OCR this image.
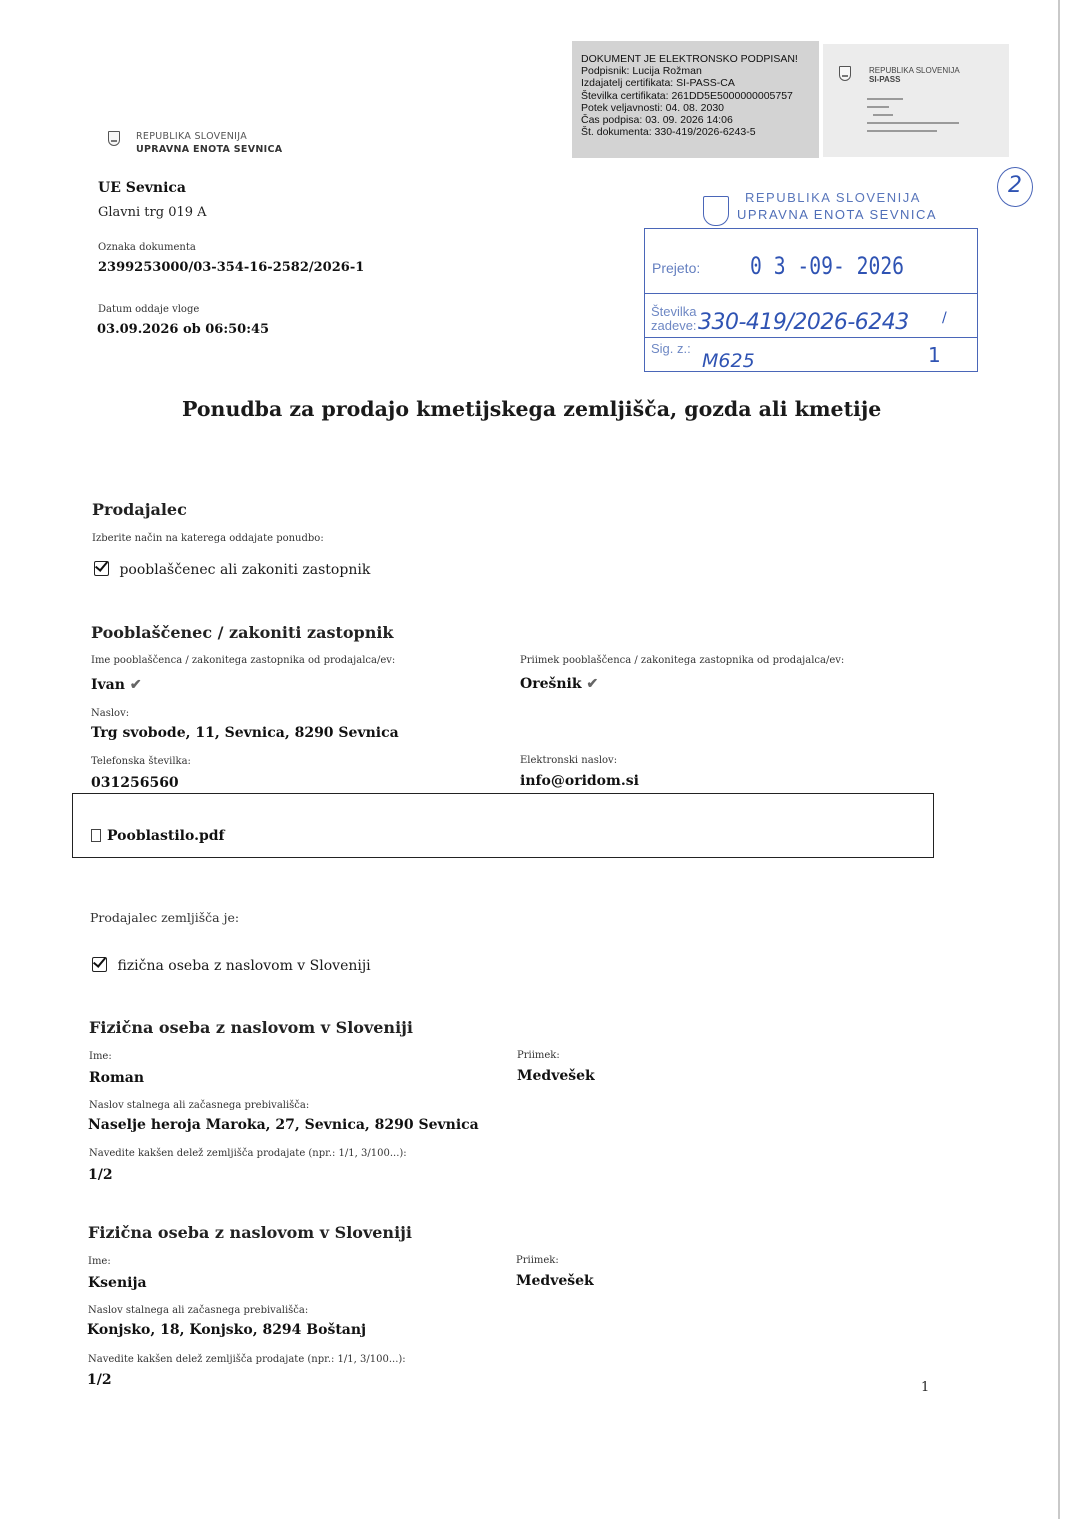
DOKUMENT JE ELEKTRONSKO PODPISAN!
Podpisnik: Lucija Rožman
Izdajatelj certifikata: SI-PASS-CA
Številka certifikata: 261DD5E5000000005757
Potek veljavnosti: 04. 08. 2030
Čas podpisa: 03. 09. 2026 14:06
Št. dokumenta: 330-419/2026-6243-5
REPUBLIKA SLOVENIJA
SI-PASS
REPUBLIKA SLOVENIJA
UPRAVNA ENOTA SEVNICA
UE Sevnica
Glavni trg 019 A
Oznaka dokumenta
2399253000/03-354-16-2582/2026-1
Datum oddaje vloge
03.09.2026 ob 06:50:45
2
REPUBLIKA SLOVENIJA
UPRAVNA ENOTA SEVNICA
Prejeto: 0 3 -09- 2026
Številka
zadeve: 330-419/2026-6243 /
Sig. z.:
M625	1
Ponudba za prodajo kmetijskega zemljišča, gozda ali kmetije
Prodajalec
Izberite način na katerega oddajate ponudbo:
pooblaščenec ali zakoniti zastopnik
Pooblaščenec / zakoniti zastopnik
Ime pooblaščenca / zakonitega zastopnika od prodajalca/ev:
Ivan ✔
Priimek pooblaščenca / zakonitega zastopnika od prodajalca/ev:
Orešnik ✔
Naslov:
Trg svobode, 11, Sevnica, 8290 Sevnica
Telefonska številka:
031256560
Elektronski naslov:
info@oridom.si
Pooblastilo.pdf
Prodajalec zemljišča je:
fizična oseba z naslovom v Sloveniji
Fizična oseba z naslovom v Sloveniji
Ime:
Roman
Priimek:
Medvešek
Naslov stalnega ali začasnega prebivališča:
Naselje heroja Maroka, 27, Sevnica, 8290 Sevnica
Navedite kakšen delež zemljišča prodajate (npr.: 1/1, 3/100...):
1/2
Fizična oseba z naslovom v Sloveniji
Ime:
Ksenija
Priimek:
Medvešek
Naslov stalnega ali začasnega prebivališča:
Konjsko, 18, Konjsko, 8294 Boštanj
Navedite kakšen delež zemljišča prodajate (npr.: 1/1, 3/100...):
1/2	1
